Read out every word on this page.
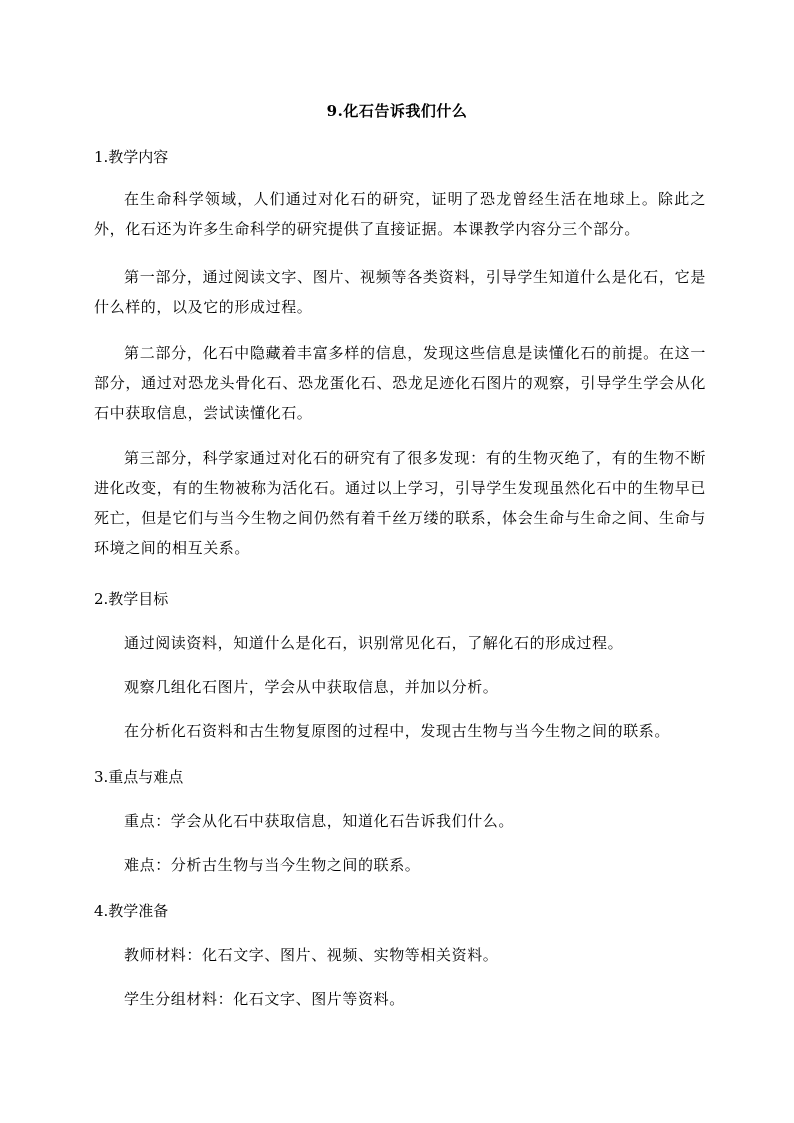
9.化石告诉我们什么
1.教学内容
在生命科学领域，人们通过对化石的研究，证明了恐龙曾经生活在地球上。除此之外，化石还为许多生命科学的研究提供了直接证据。本课教学内容分三个部分。
第一部分，通过阅读文字、图片、视频等各类资料，引导学生知道什么是化石，它是什么样的，以及它的形成过程。
第二部分，化石中隐藏着丰富多样的信息，发现这些信息是读懂化石的前提。在这一部分，通过对恐龙头骨化石、恐龙蛋化石、恐龙足迹化石图片的观察，引导学生学会从化石中获取信息，尝试读懂化石。
第三部分，科学家通过对化石的研究有了很多发现：有的生物灭绝了，有的生物不断进化改变，有的生物被称为活化石。通过以上学习，引导学生发现虽然化石中的生物早已死亡，但是它们与当今生物之间仍然有着千丝万缕的联系，体会生命与生命之间、生命与环境之间的相互关系。
2.教学目标
通过阅读资料，知道什么是化石，识别常见化石，了解化石的形成过程。
观察几组化石图片，学会从中获取信息，并加以分析。
在分析化石资料和古生物复原图的过程中，发现古生物与当今生物之间的联系。
3.重点与难点
重点：学会从化石中获取信息，知道化石告诉我们什么。
难点：分析古生物与当今生物之间的联系。
4.教学准备
教师材料：化石文字、图片、视频、实物等相关资料。
学生分组材料：化石文字、图片等资料。
